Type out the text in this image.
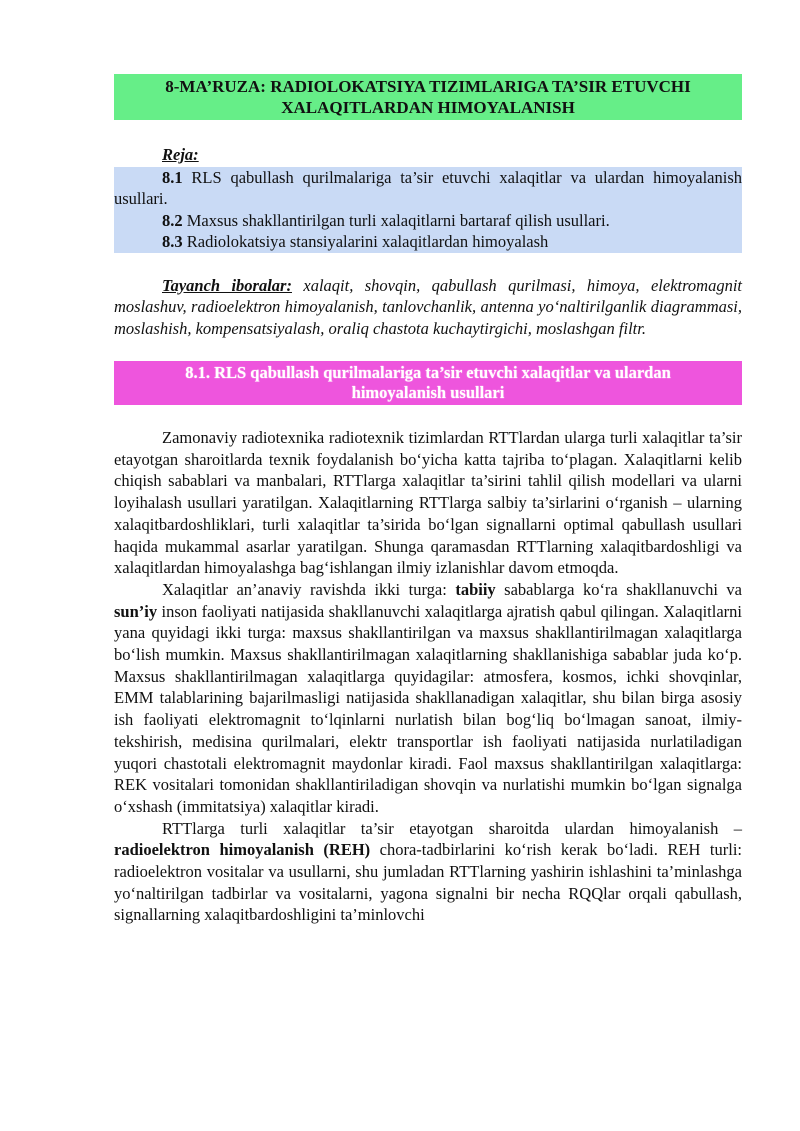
8-MA’RUZA: RADIOLOKATSIYA TIZIMLARIGA TA’SIR ETUVCHI XALAQITLARDAN HIMOYALANISH
Reja:

8.1 RLS qabullash qurilmalariga ta’sir etuvchi xalaqitlar va ulardan himoyalanish usullari.

8.2 Maxsus shakllantirilgan turli xalaqitlarni bartaraf qilish usullari.

8.3 Radiolokatsiya stansiyalarini xalaqitlardan himoyalash

Tayanch iboralar: xalaqit, shovqin, qabullash qurilmasi, himoya, elektromagnit moslashuv, radioelektron himoyalanish, tanlovchanlik, antenna yo‘naltirilganlik diagrammasi, moslashish, kompensatsiyalash, oraliq chastota kuchaytirgichi, moslashgan filtr.

8.1. RLS qabullash qurilmalariga ta’sir etuvchi xalaqitlar va ulardan himoyalanish usullari

Zamonaviy radiotexnika radiotexnik tizimlardan RTTlardan ularga turli xalaqitlar ta’sir etayotgan sharoitlarda texnik foydalanish bo‘yicha katta tajriba to‘plagan. Xalaqitlarni kelib chiqish sabablari va manbalari, RTTlarga xalaqitlar ta’sirini tahlil qilish modellari va ularni loyihalash usullari yaratilgan. Xalaqitlarning RTTlarga salbiy ta’sirlarini o‘rganish – ularning xalaqitbardoshliklari, turli xalaqitlar ta’sirida bo‘lgan signallarni optimal qabullash usullari haqida mukammal asarlar yaratilgan. Shunga qaramasdan RTTlarning xalaqitbardoshligi va xalaqitlardan himoyalashga bag‘ishlangan ilmiy izlanishlar davom etmoqda.

Xalaqitlar an’anaviy ravishda ikki turga: tabiiy sabablarga ko‘ra shakllanuvchi va sun’iy inson faoliyati natijasida shakllanuvchi xalaqitlarga ajratish qabul qilingan. Xalaqitlarni yana quyidagi ikki turga: maxsus shakllantirilgan va maxsus shakllantirilmagan xalaqitlarga bo‘lish mumkin. Maxsus shakllantirilmagan xalaqitlarning shakllanishiga sabablar juda ko‘p. Maxsus shakllantirilmagan xalaqitlarga quyidagilar: atmosfera, kosmos, ichki shovqinlar, EMM talablarining bajarilmasligi natijasida shakllanadigan xalaqitlar, shu bilan birga asosiy ish faoliyati elektromagnit to‘lqinlarni nurlatish bilan bog‘liq bo‘lmagan sanoat, ilmiy-tekshirish, medisina qurilmalari, elektr transportlar ish faoliyati natijasida nurlatiladigan yuqori chastotali elektromagnit maydonlar kiradi. Faol maxsus shakllantirilgan xalaqitlarga: REK vositalari tomonidan shakllantiriladigan shovqin va nurlatishi mumkin bo‘lgan signalga o‘xshash (immitatsiya) xalaqitlar kiradi.

RTTlarga turli xalaqitlar ta’sir etayotgan sharoitda ulardan himoyalanish – radioelektron himoyalanish (REH) chora-tadbirlarini ko‘rish kerak bo‘ladi. REH turli: radioelektron vositalar va usullarni, shu jumladan RTTlarning yashirin ishlashini ta’minlashga yo‘naltirilgan tadbirlar va vositalarni, yagona signalni bir necha RQQlar orqali qabullash, signallarning xalaqitbardoshligini ta’minlovchi
